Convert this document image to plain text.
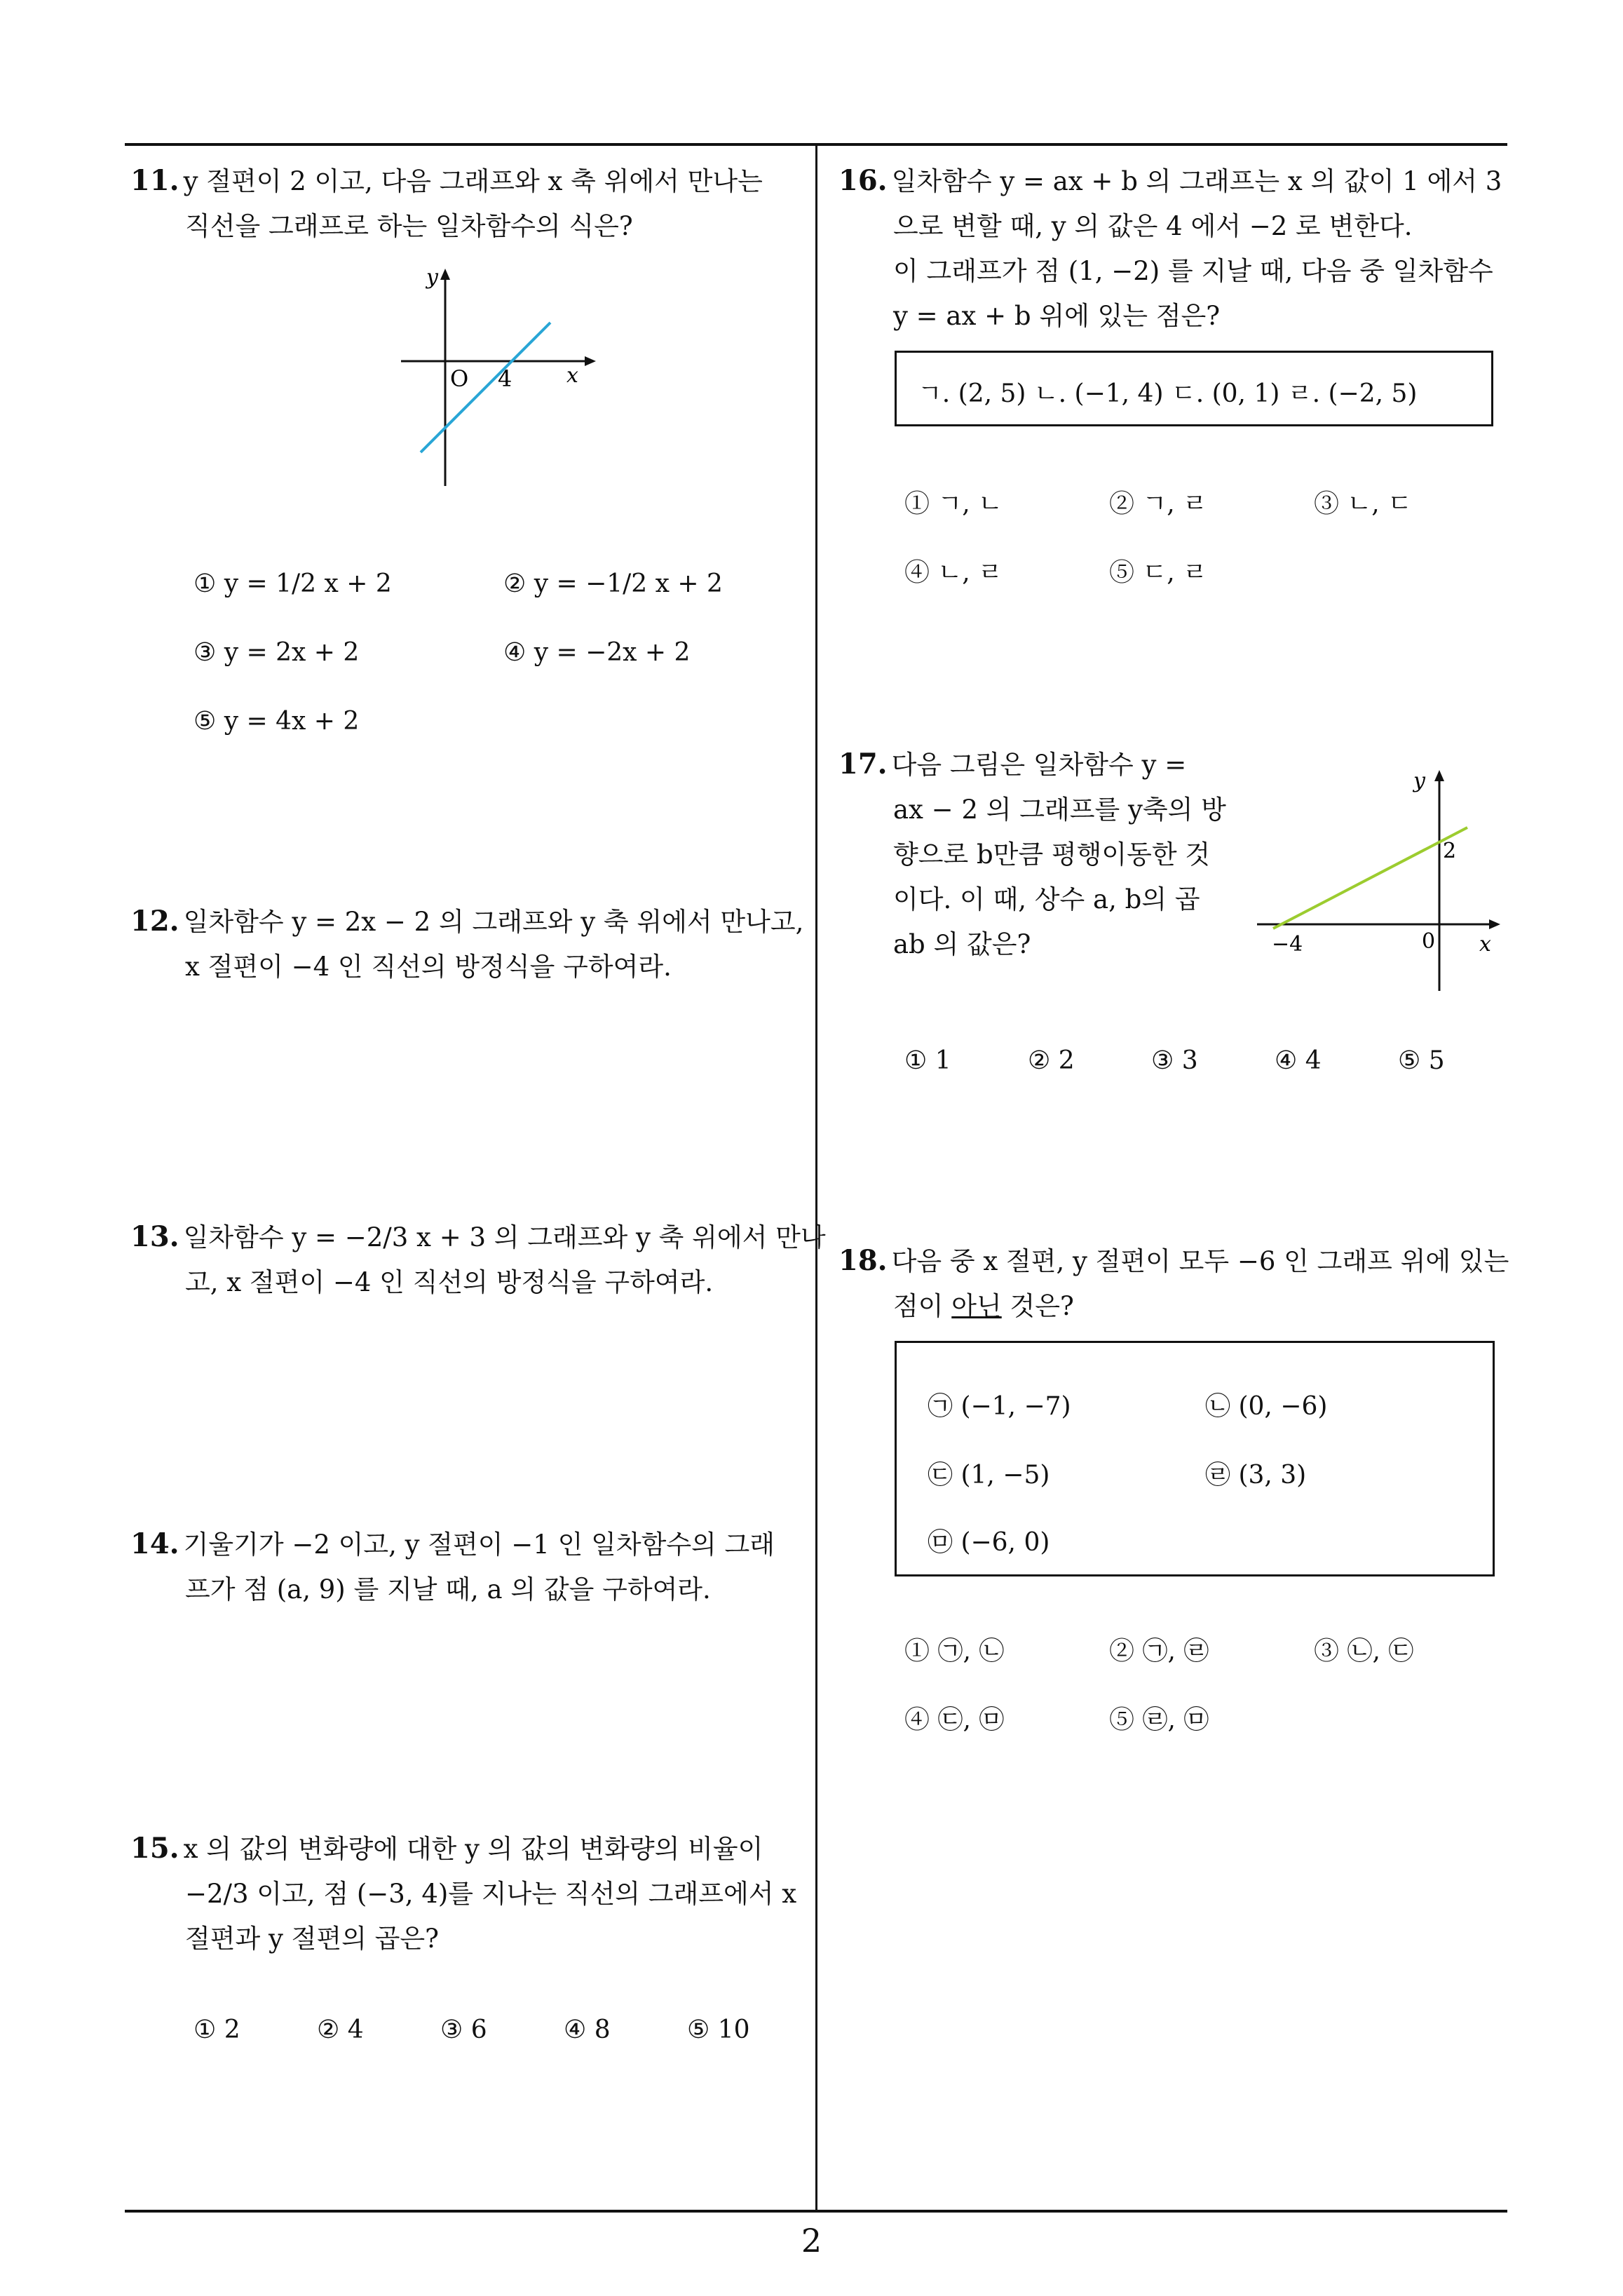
11. y 절편이 2 이고, 다음 그래프와 x 축 위에서 만나는
직선을 그래프로 하는 일차함수의 식은?
y
x
O 4
① y = 1/2 x + 2	② y = −1/2 x + 2
③ y = 2x + 2	④ y = −2x + 2
⑤ y = 4x + 2
12. 일차함수 y = 2x − 2 의 그래프와 y 축 위에서 만나고,
x 절편이 −4 인 직선의 방정식을 구하여라.
13. 일차함수 y = −2/3 x + 3 의 그래프와 y 축 위에서 만나
고, x 절편이 −4 인 직선의 방정식을 구하여라.
14. 기울기가 −2 이고, y 절편이 −1 인 일차함수의 그래
프가 점 (a, 9) 를 지날 때, a 의 값을 구하여라.
15. x 의 값의 변화량에 대한 y 의 값의 변화량의 비율이
−2/3 이고, 점 (−3, 4)를 지나는 직선의 그래프에서 x
절편과 y 절편의 곱은?
① 2	② 4	③ 6	④ 8	⑤ 10
16. 일차함수 y = ax + b 의 그래프는 x 의 값이 1 에서 3
으로 변할 때, y 의 값은 4 에서 −2 로 변한다.
이 그래프가 점 (1, −2) 를 지날 때, 다음 중 일차함수
y = ax + b 위에 있는 점은?
ㄱ. (2, 5) ㄴ. (−1, 4) ㄷ. (0, 1) ㄹ. (−2, 5)
① ㄱ, ㄴ	② ㄱ, ㄹ	③ ㄴ, ㄷ
④ ㄴ, ㄹ	⑤ ㄷ, ㄹ
17. 다음 그림은 일차함수 y =
ax − 2 의 그래프를 y축의 방
향으로 b만큼 평행이동한 것
이다. 이 때, 상수 a, b의 곱
ab 의 값은?
y
x
0
−4
2
① 1	② 2	③ 3	④ 4	⑤ 5
18. 다음 중 x 절편, y 절편이 모두 −6 인 그래프 위에 있는
점이 아닌 것은?
㉠ (−1, −7)	㉡ (0, −6)
㉢ (1, −5)	㉣ (3, 3)
㉤ (−6, 0)
① ㉠, ㉡	② ㉠, ㉣	③ ㉡, ㉢
④ ㉢, ㉤	⑤ ㉣, ㉤
2
